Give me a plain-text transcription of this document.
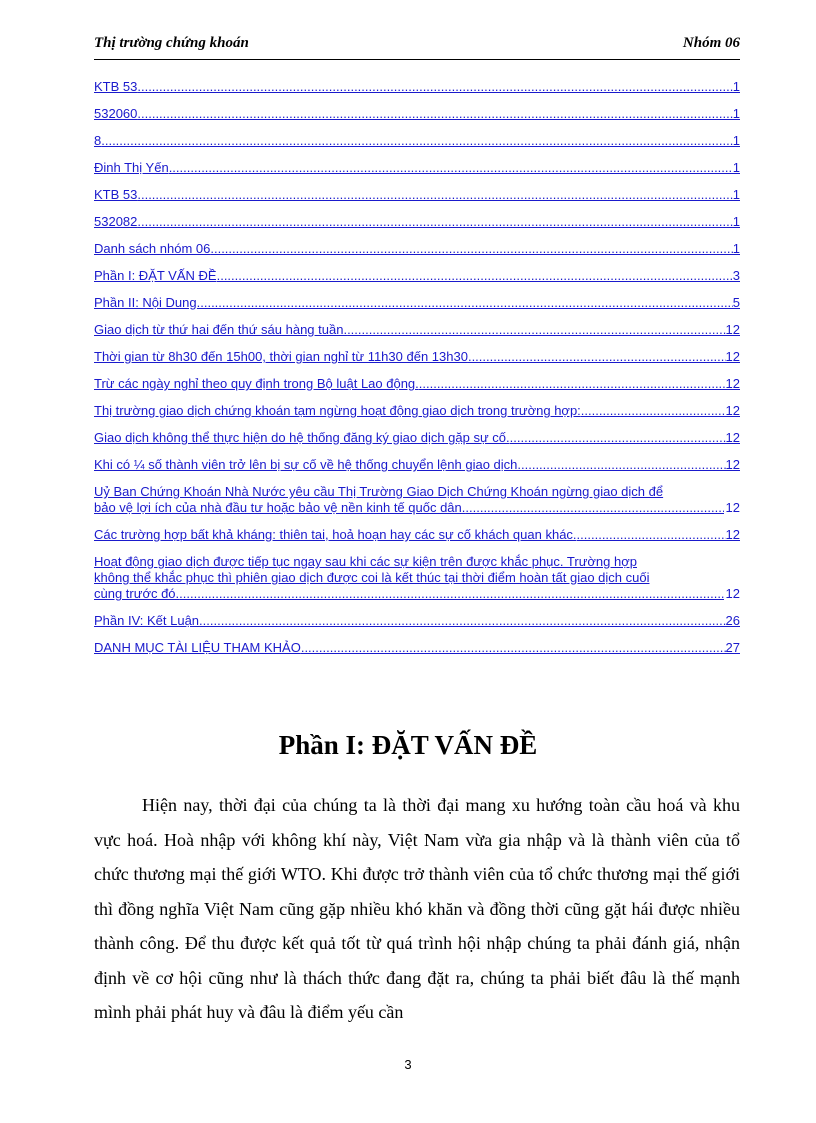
Thị trường chứng khoán	Nhóm 06
KTB 53 .....	1
532060 .....	1
8 .....	1
Đinh Thị Yến .....	1
KTB 53 .....	1
532082 .....	1
Danh sách nhóm 06 .....	1
Phần I: ĐẶT VẤN ĐỀ .....	3
Phần II: Nội Dung .....	5
Giao dịch từ thứ hai đến thứ sáu hàng tuần. .....	12
Thời gian từ 8h30 đến 15h00, thời gian nghỉ từ 11h30 đến 13h30 .....	12
Trừ các ngày nghỉ theo quy định trong Bộ luật Lao động. .....	12
Thị trường giao dịch chứng khoán tạm ngừng hoạt động giao dịch trong trường hợp: .....	12
Giao dịch không thể thực hiện do hệ thống đăng ký giao dịch gặp sự cố. .....	12
Khi có ¼ số thành viên trở lên bị sự cố về hệ thống chuyển lệnh giao dịch. .....	12
Uỷ Ban Chứng Khoán Nhà Nước yêu cầu Thị Trường Giao Dịch Chứng Khoán ngừng giao dịch để
bảo vệ lợi ích của nhà đầu tư hoặc bảo vệ nền kinh tế quốc dân. .....	12
Các trường hợp bất khả kháng: thiên tai, hoả hoạn hay các sự cố khách quan khác. .....	12
Hoạt động giao dịch được tiếp tục ngay sau khi các sự kiện trên được khắc phục. Trường hợp
không thể khắc phục thì phiên giao dịch được coi là kết thúc tại thời điểm hoàn tất giao dịch cuối
cùng trước đó. .....	12
Phần IV: Kết Luận .....	26
DANH MỤC TÀI LIỆU THAM KHẢO .....	27
Phần I: ĐẶT VẤN ĐỀ

Hiện nay, thời đại của chúng ta là thời đại mang xu hướng toàn cầu hoá và khu vực hoá. Hoà nhập với không khí này, Việt Nam vừa gia nhập và là thành viên của tổ chức thương mại thế giới WTO. Khi được trở thành viên của tổ chức thương mại thế giới thì đồng nghĩa Việt Nam cũng gặp nhiều khó khăn và đồng thời cũng gặt hái được nhiều thành công. Để thu được kết quả tốt từ quá trình hội nhập chúng ta phải đánh giá, nhận định về cơ hội cũng như là thách thức đang đặt ra, chúng ta phải biết đâu là thế mạnh mình phải phát huy và đâu là điểm yếu cần

3
